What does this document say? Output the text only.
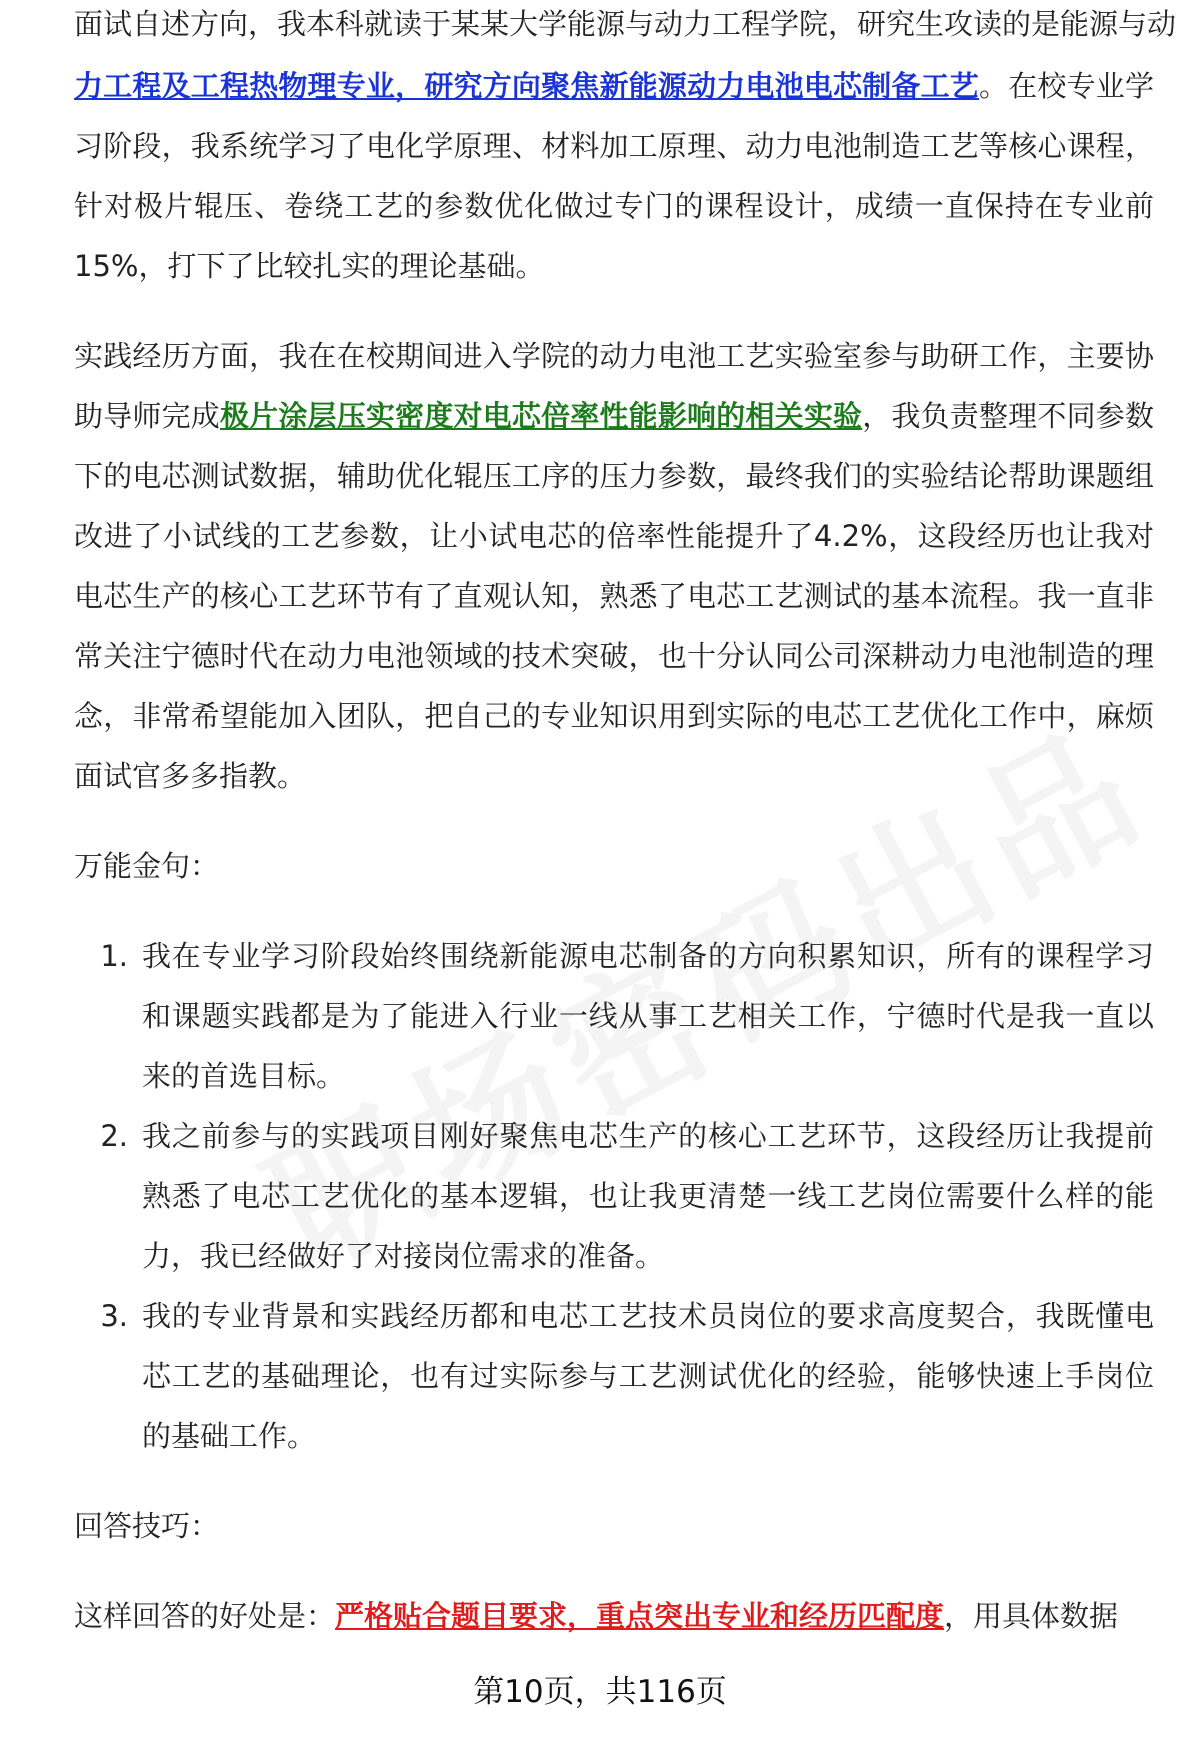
面试自述方向，我本科就读于某某大学能源与动力工程学院，研究生攻读的是能源与动

力工程及工程热物理专业，研究方向聚焦新能源动力电池电芯制备工艺。在校专业学习阶段，我系统学习了电化学原理、材料加工原理、动力电池制造工艺等核心课程，针对极片辊压、卷绕工艺的参数优化做过专门的课程设计，成绩一直保持在专业前15%，打下了比较扎实的理论基础。

实践经历方面，我在在校期间进入学院的动力电池工艺实验室参与助研工作，主要协助导师完成极片涂层压实密度对电芯倍率性能影响的相关实验，我负责整理不同参数下的电芯测试数据，辅助优化辊压工序的压力参数，最终我们的实验结论帮助课题组改进了小试线的工艺参数，让小试电芯的倍率性能提升了4.2%，这段经历也让我对电芯生产的核心工艺环节有了直观认知，熟悉了电芯工艺测试的基本流程。我一直非常关注宁德时代在动力电池领域的技术突破，也十分认同公司深耕动力电池制造的理念，非常希望能加入团队，把自己的专业知识用到实际的电芯工艺优化工作中，麻烦面试官多多指教。

万能金句：

1. 我在专业学习阶段始终围绕新能源电芯制备的方向积累知识，所有的课程学习和课题实践都是为了能进入行业一线从事工艺相关工作，宁德时代是我一直以来的首选目标。
2. 我之前参与的实践项目刚好聚焦电芯生产的核心工艺环节，这段经历让我提前熟悉了电芯工艺优化的基本逻辑，也让我更清楚一线工艺岗位需要什么样的能力，我已经做好了对接岗位需求的准备。
3. 我的专业背景和实践经历都和电芯工艺技术员岗位的要求高度契合，我既懂电芯工艺的基础理论，也有过实际参与工艺测试优化的经验，能够快速上手岗位的基础工作。

回答技巧：

这样回答的好处是：严格贴合题目要求，重点突出专业和经历匹配度，用具体数据

第10页，共116页
